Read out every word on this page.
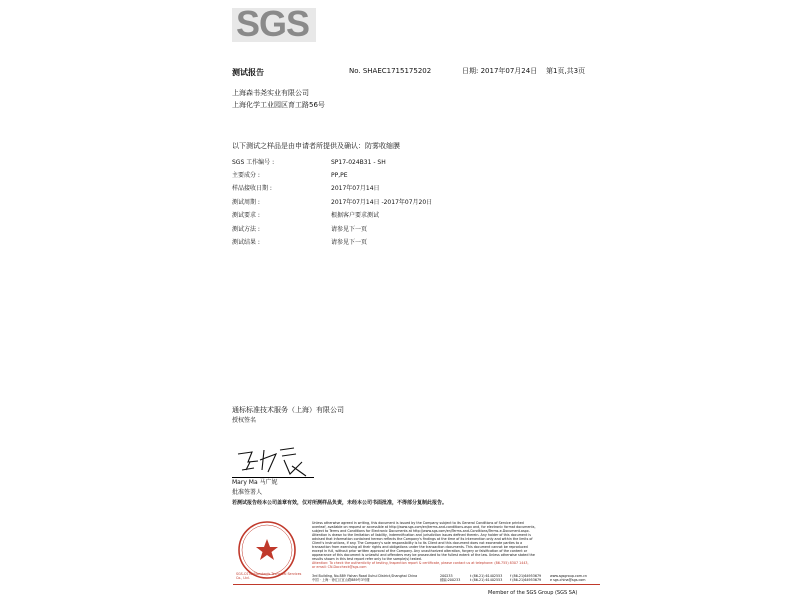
SGS
测试报告	No. SHAEC1715175202	日期: 2017年07月24日 第1页,共3页
上海森书尧实业有限公司
上海化学工业园区育工路56号
以下测试之样品是由申请者所提供及确认：防雾收缩膜
SGS 工作编号 :	SP17-024B31 - SH
主要成分 :	PP,PE
样品接收日期 :	2017年07月14日
测试周期 :	2017年07月14日 -2017年07月20日
测试要求 :	根据客户要求测试
测试方法 :	请参见下一页
测试结果 :	请参见下一页
通标标准技术服务（上海）有限公司
授权签名
Mary Ma 马广妮
批准签署人
若测试报告经本公司盖章有效，仅对所测样品负责，未经本公司书面批准，不得部分复制此报告。
SGS-CSTC Standards Technical Services Co., Ltd.
Unless otherwise agreed in writing, this document is issued by the Company subject to its General Conditions of Service printed
overleaf, available on request or accessible at http://www.sgs.com/en/terms-and-conditions.aspx and, for electronic format documents,
subject to Terms and Conditions for Electronic Documents at http://www.sgs.com/en/Terms-and-Conditions/Terms-e-Document.aspx.
Attention is drawn to the limitation of liability, indemnification and jurisdiction issues defined therein. Any holder of this document is
advised that information contained hereon reflects the Company's findings at the time of its intervention only and within the limits of
Client's instructions, if any. The Company's sole responsibility is to its Client and this document does not exonerate parties to a
transaction from exercising all their rights and obligations under the transaction documents. This document cannot be reproduced
except in full, without prior written approval of the Company. Any unauthorized alteration, forgery or falsification of the content or
appearance of this document is unlawful and offenders may be prosecuted to the fullest extent of the law. Unless otherwise stated the
results shown in this test report refer only to the sample(s) tested.
Attention: To check the authenticity of testing /inspection report & certificate, please contact us at telephone: (86-755) 8307 1443,
or email: CN.Doccheck@sgs.com
3rd Building, No.889 Yishan Road Xuhui District,Shanghai China	200233	t (86-21) 61402553 f (86-21)64953679	www.sgsgroup.com.cn
中国 · 上海 · 徐汇区宜山路889号3号楼	邮编:200233	t (86-21) 61402553 f (86-21)64953679	e sgs.china@sgs.com
Member of the SGS Group (SGS SA)
